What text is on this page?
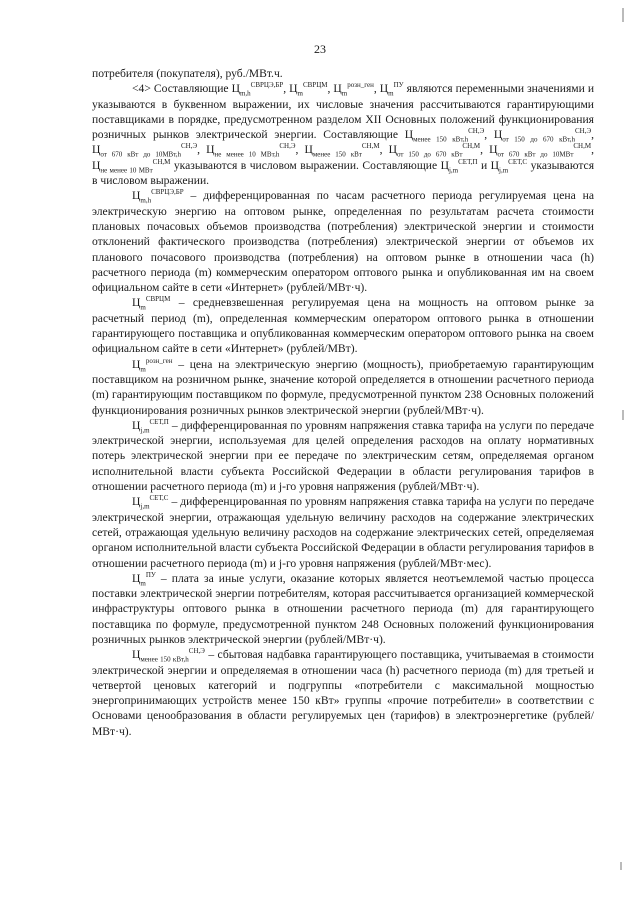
23

потребителя (покупателя), руб./МВт.ч.

<4> Составляющие $Ц_{m,h}^{СВРЦЭ,БР}$, $Ц_m^{СВРЦМ}$, $Ц_m^{розн\_ген}$, $Ц_m^{ПУ}$ являются переменными значениями и указываются в буквенном выражении, их числовые значения рассчитываются гарантирующими поставщиками в порядке, предусмотренном разделом XII Основных положений функционирования розничных рынков электрической энергии. Составляющие $Ц_{менее 150 кВт,h}^{СН,Э}$, $Ц_{от 150 до 670 кВт,h}^{СН,Э}$, $Ц_{от 670 кВт до 10МВт,h}^{СН,Э}$, $Ц_{не менее 10 МВт,h}^{СН,Э}$, $Ц_{менее 150 кВт}^{СН,М}$, $Ц_{от 150 до 670 кВт}^{СН,М}$, $Ц_{от 670 кВт до 10МВт}^{СН,М}$, $Ц_{не менее 10 МВт}^{СН,М}$ указываются в числовом выражении. Составляющие $Ц_{j,m}^{СЕТ,П}$ и $Ц_{j,m}^{СЕТ,С}$ указываются в числовом выражении.

$Ц_{m,h}^{СВРЦЭ,БР}$ – дифференцированная по часам расчетного периода регулируемая цена на электрическую энергию на оптовом рынке, определенная по результатам расчета стоимости плановых почасовых объемов производства (потребления) электрической энергии и стоимости отклонений фактического производства (потребления) электрической энергии от объемов их планового почасового производства (потребления) на оптовом рынке в отношении часа (h) расчетного периода (m) коммерческим оператором оптового рынка и опубликованная им на своем официальном сайте в сети «Интернет» (рублей/МВт·ч).

$Ц_m^{СВРЦМ}$ – средневзвешенная регулируемая цена на мощность на оптовом рынке за расчетный период (m), определенная коммерческим оператором оптового рынка в отношении гарантирующего поставщика и опубликованная коммерческим оператором оптового рынка на своем официальном сайте в сети «Интернет» (рублей/МВт).

$Ц_m^{розн\_ген}$ – цена на электрическую энергию (мощность), приобретаемую гарантирующим поставщиком на розничном рынке, значение которой определяется в отношении расчетного периода (m) гарантирующим поставщиком по формуле, предусмотренной пунктом 238 Основных положений функционирования розничных рынков электрической энергии (рублей/МВт·ч).

$Ц_{j,m}^{СЕТ,П}$ – дифференцированная по уровням напряжения ставка тарифа на услуги по передаче электрической энергии, используемая для целей определения расходов на оплату нормативных потерь электрической энергии при ее передаче по электрическим сетям, определяемая органом исполнительной власти субъекта Российской Федерации в области регулирования тарифов в отношении расчетного периода (m) и j-го уровня напряжения (рублей/МВт·ч).

$Ц_{j,m}^{СЕТ,С}$ – дифференцированная по уровням напряжения ставка тарифа на услуги по передаче электрической энергии, отражающая удельную величину расходов на содержание электрических сетей, отражающая удельную величину расходов на содержание электрических сетей, определяемая органом исполнительной власти субъекта Российской Федерации в области регулирования тарифов в отношении расчетного периода (m) и j-го уровня напряжения (рублей/МВт·мес).

$Ц_m^{ПУ}$ – плата за иные услуги, оказание которых является неотъемлемой частью процесса поставки электрической энергии потребителям, которая рассчитывается организацией коммерческой инфраструктуры оптового рынка в отношении расчетного периода (m) для гарантирующего поставщика по формуле, предусмотренной пунктом 248 Основных положений функционирования розничных рынков электрической энергии (рублей/МВт·ч).

$Ц_{менее 150 кВт,h}^{СН,Э}$ – сбытовая надбавка гарантирующего поставщика, учитываемая в стоимости электрической энергии и определяемая в отношении часа (h) расчетного периода (m) для третьей и четвертой ценовых категорий и подгруппы «потребители с максимальной мощностью энергопринимающих устройств менее 150 кВт» группы «прочие потребители» в соответствии с Основами ценообразования в области регулируемых цен (тарифов) в электроэнергетике (рублей/МВт·ч).
